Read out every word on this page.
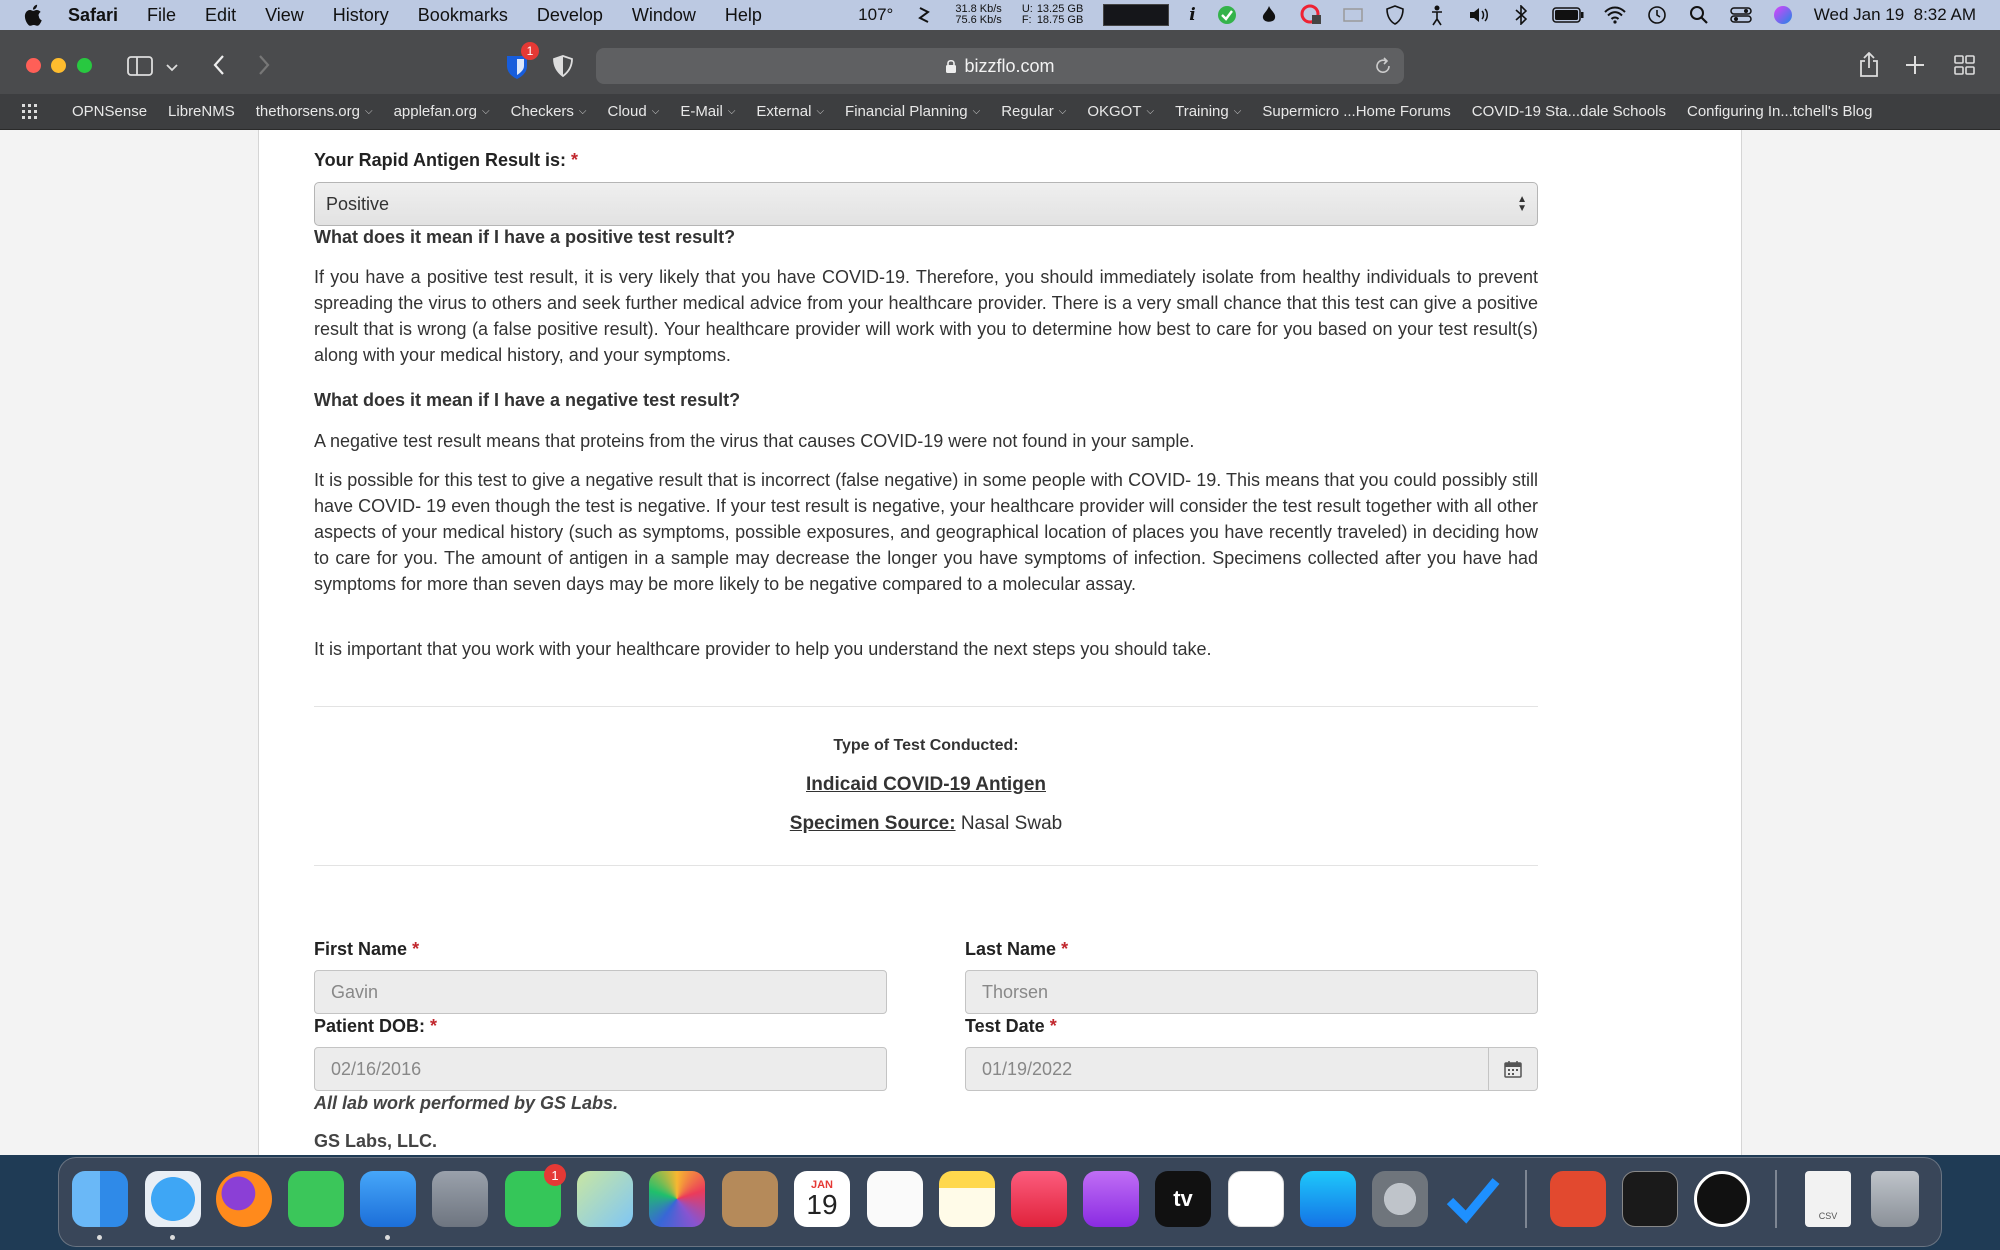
Safari File Edit View History Bookmarks Develop Window Help	107°	31.8 Kb/s
75.6 Kb/s
U:
F:
13.25 GB
18.75 GB	i	Wed Jan 19  8:32 AM
1
bizzflo.com
OPNSense LibreNMS thethorsens.org ⌵ applefan.org ⌵ Checkers ⌵ Cloud ⌵ E-Mail ⌵ External ⌵ Financial Planning ⌵ Regular ⌵ OKGOT ⌵ Training ⌵ Supermicro ...Home Forums COVID-19 Sta...dale Schools Configuring In...tchell's Blog
Your Rapid Antigen Result is: *
Positive	▲
▼
What does it mean if I have a positive test result?
If you have a positive test result, it is very likely that you have COVID-19. Therefore, you should immediately isolate from healthy individuals to prevent spreading the virus to others and seek further medical advice from your healthcare provider. There is a very small chance that this test can give a positive result that is wrong (a false positive result). Your healthcare provider will work with you to determine how best to care for you based on your test result(s) along with your medical history, and your symptoms.
What does it mean if I have a negative test result?
A negative test result means that proteins from the virus that causes COVID-19 were not found in your sample.
It is possible for this test to give a negative result that is incorrect (false negative) in some people with COVID- 19. This means that you could possibly still have COVID- 19 even though the test is negative. If your test result is negative, your healthcare provider will consider the test result together with all other aspects of your medical history (such as symptoms, possible exposures, and geographical location of places you have recently traveled) in deciding how to care for you. The amount of antigen in a sample may decrease the longer you have symptoms of infection. Specimens collected after you have had symptoms for more than seven days may be more likely to be negative compared to a molecular assay.
It is important that you work with your healthcare provider to help you understand the next steps you should take.
Type of Test Conducted:
Indicaid COVID-19 Antigen
Specimen Source: Nasal Swab
First Name *
Gavin
Last Name *
Thorsen
Patient DOB: *
02/16/2016
Test Date *
01/19/2022
All lab work performed by GS Labs.
GS Labs, LLC.
1
JAN
19	tv
CSV
